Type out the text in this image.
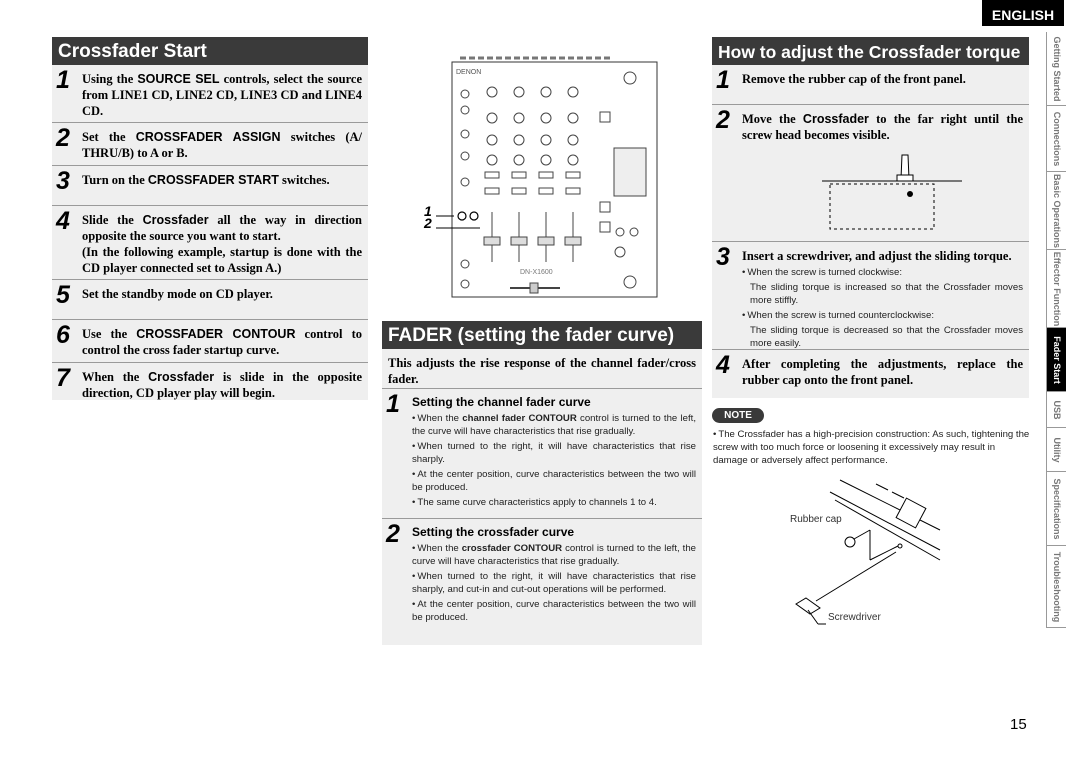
ENGLISH
Crossfader Start
1 Using the SOURCE SEL controls, select the source from LINE1 CD, LINE2 CD, LINE3 CD and LINE4 CD.
2 Set the CROSSFADER ASSIGN switches (A/ THRU/B) to A or B.
3 Turn on the CROSSFADER START switches.
4 Slide the Crossfader all the way in direction opposite the source you want to start.
(In the following example, startup is done with the CD player connected set to Assign A.)
5 Set the standby mode on CD player.
6 Use the CROSSFADER CONTOUR control to control the cross fader startup curve.
7 When the Crossfader is slide in the opposite direction, CD player play will begin.
DENON
DN-X1600
1
2
FADER (setting the fader curve)
This adjusts the rise response of the channel fader/cross fader.
1 Setting the channel fader curve
• When the channel fader CONTOUR control is turned to the left, the curve will have characteristics that rise gradually.
• When turned to the right, it will have characteristics that rise sharply.
• At the center position, curve characteristics between the two will be produced.
• The same curve characteristics apply to channels 1 to 4.
2 Setting the crossfader curve
• When the crossfader CONTOUR control is turned to the left, the curve will have characteristics that rise gradually.
• When turned to the right, it will have characteristics that rise sharply, and cut-in and cut-out operations will be performed.
• At the center position, curve characteristics between the two will be produced.
How to adjust the Crossfader torque
1 Remove the rubber cap of the front panel.
2 Move the Crossfader to the far right until the screw head becomes visible.
3 Insert a screwdriver, and adjust the sliding torque.
• When the screw is turned clockwise:
The sliding torque is increased so that the Crossfader moves more stiffly.
• When the screw is turned counterclockwise:
The sliding torque is decreased so that the Crossfader moves more easily.
4 After completing the adjustments, replace the rubber cap onto the front panel.
NOTE
• The Crossfader has a high-precision construction: As such, tightening the screw with too much force or loosening it excessively may result in damage or adversely affect performance.
Rubber cap
Screwdriver
Getting Started
Connections
Basic Operations
Effector Function
Fader Start
USB
Utility
Specifications
Troubleshooting
15
